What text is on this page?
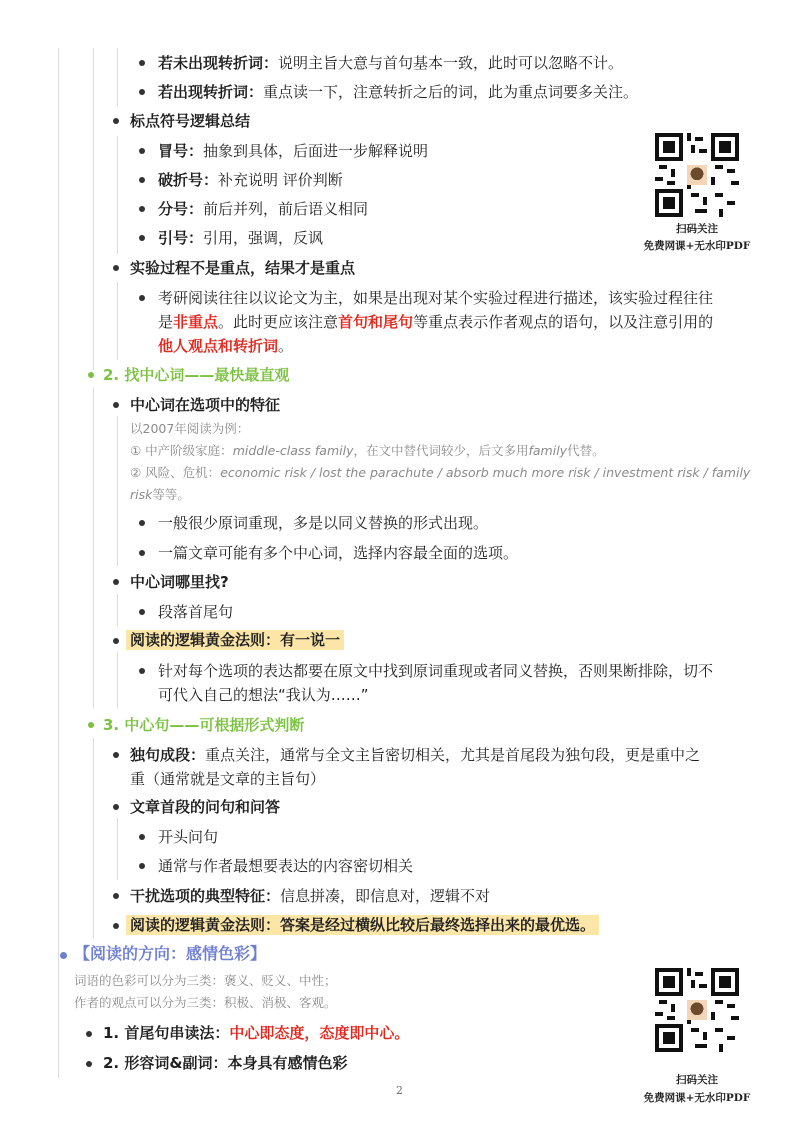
若未出现转折词：说明主旨大意与首句基本一致，此时可以忽略不计。
若出现转折词：重点读一下，注意转折之后的词，此为重点词要多关注。
标点符号逻辑总结
冒号：抽象到具体，后面进一步解释说明
破折号：补充说明 评价判断
分号：前后并列，前后语义相同
引号：引用，强调，反讽
实验过程不是重点，结果才是重点
考研阅读往往以议论文为主，如果是出现对某个实验过程进行描述，该实验过程往往
是非重点。此时更应该注意首句和尾句等重点表示作者观点的语句，以及注意引用的
他人观点和转折词。
2. 找中心词——最快最直观
中心词在选项中的特征
以2007年阅读为例：
① 中产阶级家庭：middle-class family，在文中替代词较少，后文多用family代替。
② 风险、危机：economic risk / lost the parachute / absorb much more risk / investment risk / family
risk等等。
一般很少原词重现，多是以同义替换的形式出现。
一篇文章可能有多个中心词，选择内容最全面的选项。
中心词哪里找?
段落首尾句
阅读的逻辑黄金法则：有一说一
针对每个选项的表达都要在原文中找到原词重现或者同义替换，否则果断排除，切不
可代入自己的想法“我认为……”
3. 中心句——可根据形式判断
独句成段：重点关注，通常与全文主旨密切相关，尤其是首尾段为独句段，更是重中之
重（通常就是文章的主旨句）
文章首段的问句和问答
开头问句
通常与作者最想要表达的内容密切相关
干扰选项的典型特征：信息拼凑，即信息对，逻辑不对
阅读的逻辑黄金法则：答案是经过横纵比较后最终选择出来的最优选。
【阅读的方向：感情色彩】
词语的色彩可以分为三类：褒义、贬义、中性；
作者的观点可以分为三类：积极、消极、客观。
1. 首尾句串读法：中心即态度，态度即中心。
2. 形容词&副词：本身具有感情色彩
2
扫码关注
免费网课+无水印PDF
扫码关注
免费网课+无水印PDF
